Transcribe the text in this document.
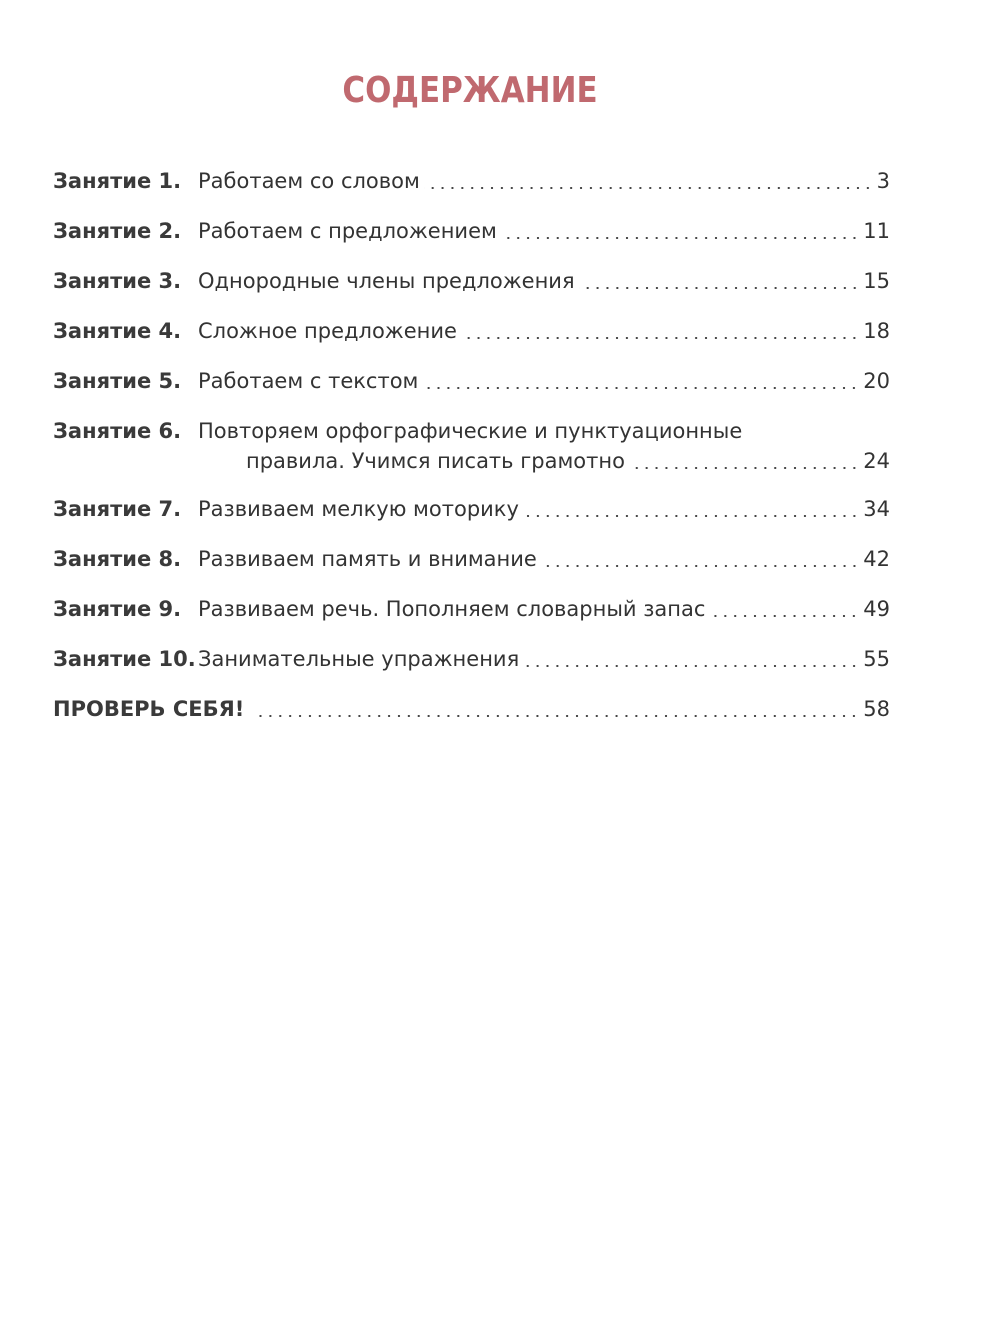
СОДЕРЖАНИЕ
Занятие 1. Работаем со словом	3
Занятие 2. Работаем с предложением	11
Занятие 3. Однородные члены предложения	15
Занятие 4. Сложное предложение	18
Занятие 5. Работаем с текстом	20
Занятие 6. Повторяем орфографические и пунктуационные
правила. Учимся писать грамотно	24
Занятие 7. Развиваем мелкую моторику	34
Занятие 8. Развиваем память и внимание	42
Занятие 9. Развиваем речь. Пополняем словарный запас	49
Занятие 10. Занимательные упражнения	55
ПРОВЕРЬ СЕБЯ!	58
